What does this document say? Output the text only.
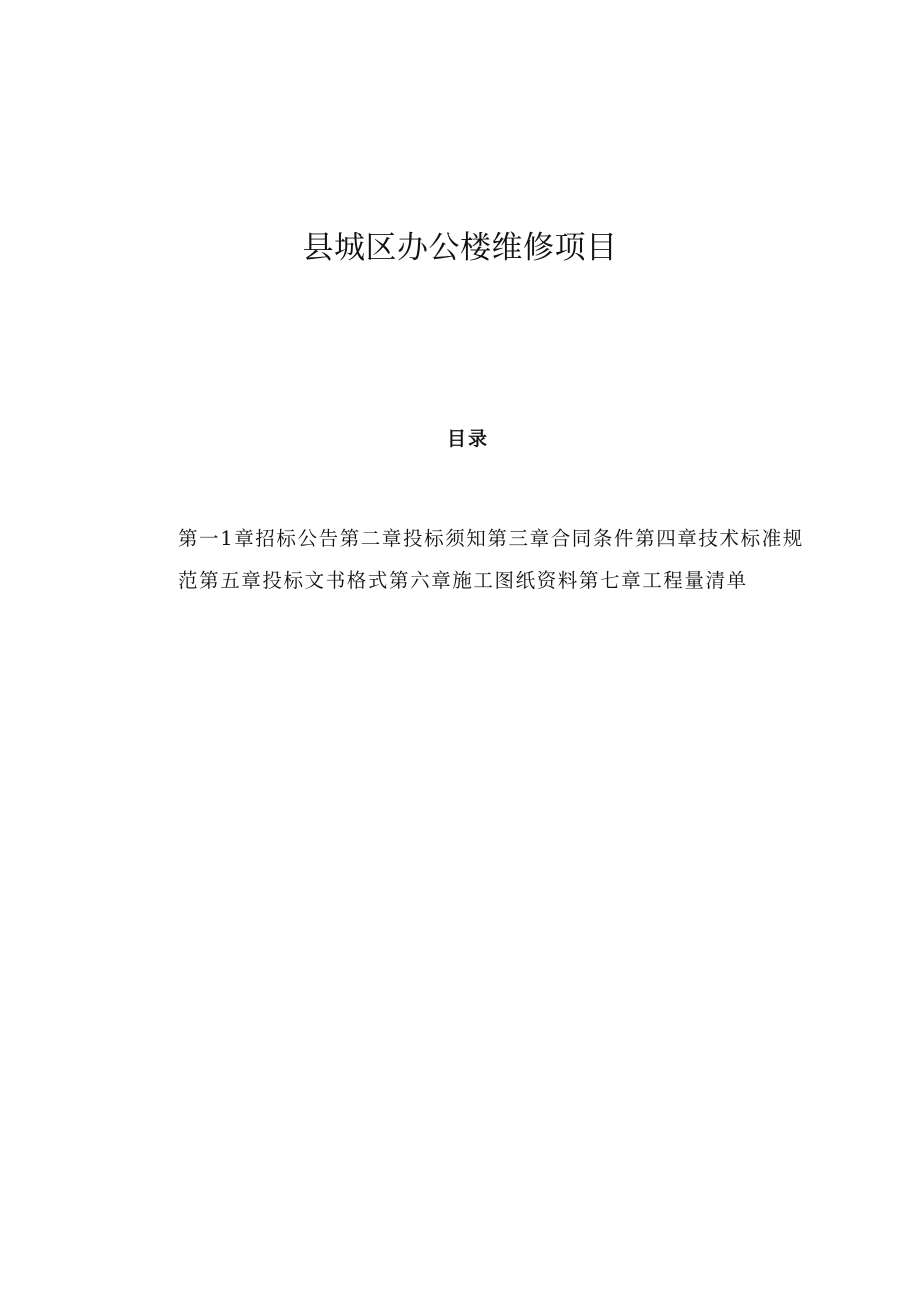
县城区办公楼维修项目
目录

第一1章招标公告第二章投标须知第三章合同条件第四章技术标准规范第五章投标文书格式第六章施工图纸资料第七章工程量清单
